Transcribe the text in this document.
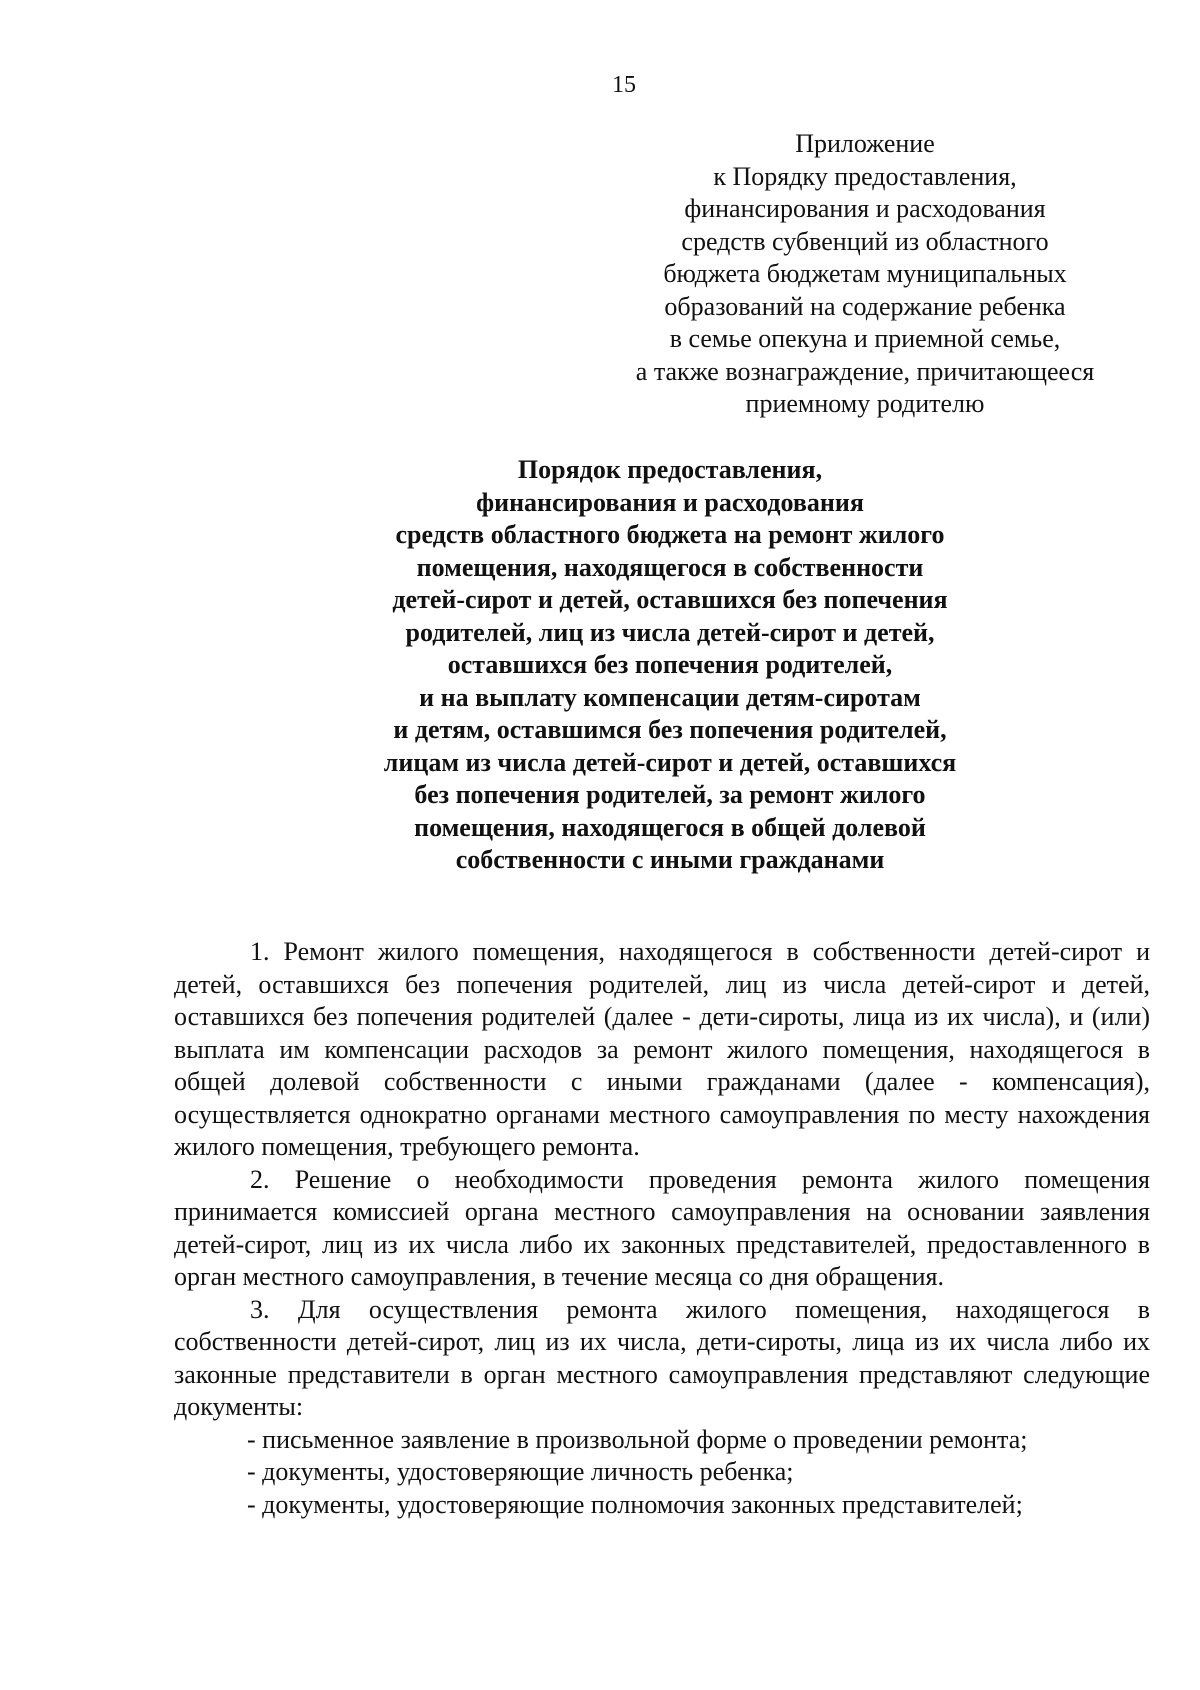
15
Приложение
к Порядку предоставления,
финансирования и расходования
средств субвенций из областного
бюджета бюджетам муниципальных
образований на содержание ребенка
в семье опекуна и приемной семье,
а также вознаграждение, причитающееся
приемному родителю
Порядок предоставления,
финансирования и расходования
средств областного бюджета на ремонт жилого
помещения, находящегося в собственности
детей-сирот и детей, оставшихся без попечения
родителей, лиц из числа детей-сирот и детей,
оставшихся без попечения родителей,
и на выплату компенсации детям-сиротам
и детям, оставшимся без попечения родителей,
лицам из числа детей-сирот и детей, оставшихся
без попечения родителей, за ремонт жилого
помещения, находящегося в общей долевой
собственности с иными гражданами

1. Ремонт жилого помещения, находящегося в собственности детей-сирот и детей, оставшихся без попечения родителей, лиц из числа детей-сирот и детей, оставшихся без попечения родителей (далее - дети-сироты, лица из их числа), и (или) выплата им компенсации расходов за ремонт жилого помещения, находящегося в общей долевой собственности с иными гражданами (далее - компенсация), осуществляется однократно органами местного самоуправления по месту нахождения жилого помещения, требующего ремонта.

2. Решение о необходимости проведения ремонта жилого помещения принимается комиссией органа местного самоуправления на основании заявления детей-сирот, лиц из их числа либо их законных представителей, предоставленного в орган местного самоуправления, в течение месяца со дня обращения.

3. Для осуществления ремонта жилого помещения, находящегося в собственности детей-сирот, лиц из их числа, дети-сироты, лица из их числа либо их законные представители в орган местного самоуправления представляют следующие документы:

- письменное заявление в произвольной форме о проведении ремонта;
- документы, удостоверяющие личность ребенка;
- документы, удостоверяющие полномочия законных представителей;
